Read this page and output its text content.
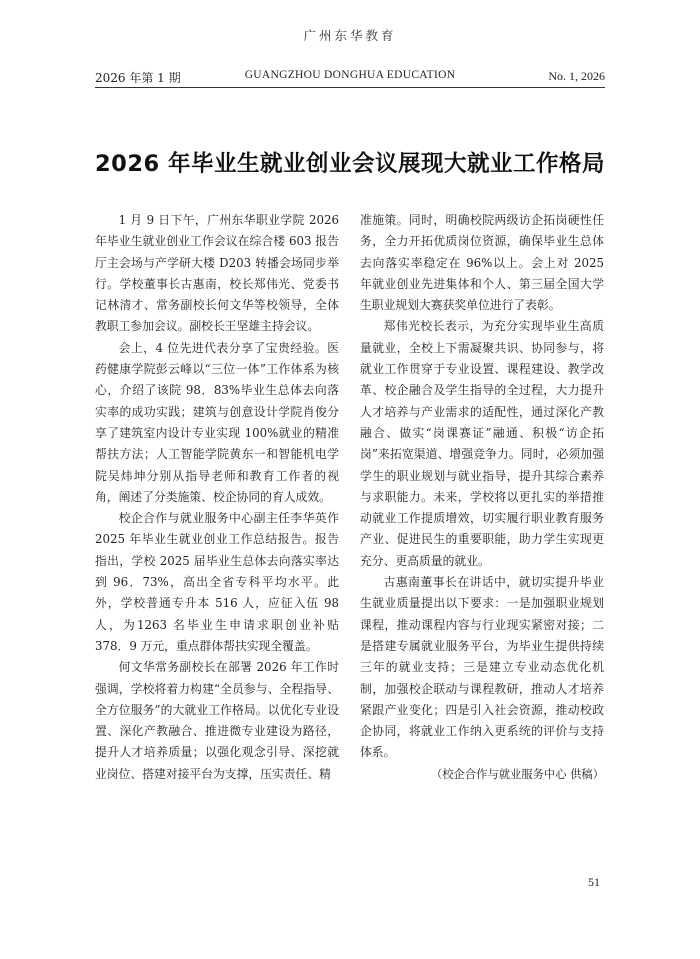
广州东华教育
2026 年第 1 期	GUANGZHOU DONGHUA EDUCATION	No. 1, 2026
2026 年毕业生就业创业会议展现大就业工作格局

1 月 9 日下午，广州东华职业学院 2026 年毕业生就业创业工作会议在综合楼 603 报告厅主会场与产学研大楼 D203 转播会场同步举行。学校董事长古惠南，校长郑伟光、党委书记林清才、常务副校长何文华等校领导，全体教职工参加会议。副校长王坚雄主持会议。

会上，4 位先进代表分享了宝贵经验。医药健康学院彭云峰以“三位一体”工作体系为核心，介绍了该院 98．83%毕业生总体去向落实率的成功实践；建筑与创意设计学院肖俊分享了建筑室内设计专业实现 100%就业的精准帮扶方法；人工智能学院黄东一和智能机电学院吴炜坤分别从指导老师和教育工作者的视角，阐述了分类施策、校企协同的育人成效。

校企合作与就业服务中心副主任李华英作 2025 年毕业生就业创业工作总结报告。报告指出，学校 2025 届毕业生总体去向落实率达到 96．73%，高出全省专科平均水平。此外，学校普通专升本 516 人，应征入伍 98 人，为1263 名毕业生申请求职创业补贴 378．9 万元，重点群体帮扶实现全覆盖。

何文华常务副校长在部署 2026 年工作时强调，学校将着力构建“全员参与、全程指导、全方位服务”的大就业工作格局。以优化专业设置、深化产教融合、推进微专业建设为路径，提升人才培养质量；以强化观念引导、深挖就业岗位、搭建对接平台为支撑，压实责任、精

准施策。同时，明确校院两级访企拓岗硬性任务，全力开拓优质岗位资源，确保毕业生总体去向落实率稳定在 96%以上。会上对 2025 年就业创业先进集体和个人、第三届全国大学生职业规划大赛获奖单位进行了表彰。

郑伟光校长表示，为充分实现毕业生高质量就业，全校上下需凝聚共识、协同参与，将就业工作贯穿于专业设置、课程建设、教学改革、校企融合及学生指导的全过程，大力提升人才培养与产业需求的适配性，通过深化产教融合、做实“岗课赛证”融通、积极“访企拓岗”来拓宽渠道、增强竞争力。同时，必须加强学生的职业规划与就业指导，提升其综合素养与求职能力。未来，学校将以更扎实的举措推动就业工作提质增效，切实履行职业教育服务产业、促进民生的重要职能，助力学生实现更充分、更高质量的就业。

古惠南董事长在讲话中，就切实提升毕业生就业质量提出以下要求：一是加强职业规划课程，推动课程内容与行业现实紧密对接；二是搭建专属就业服务平台，为毕业生提供持续三年的就业支持；三是建立专业动态优化机制，加强校企联动与课程教研，推动人才培养紧跟产业变化；四是引入社会资源，推动校政企协同，将就业工作纳入更系统的评价与支持体系。

（校企合作与就业服务中心 供稿）

51
